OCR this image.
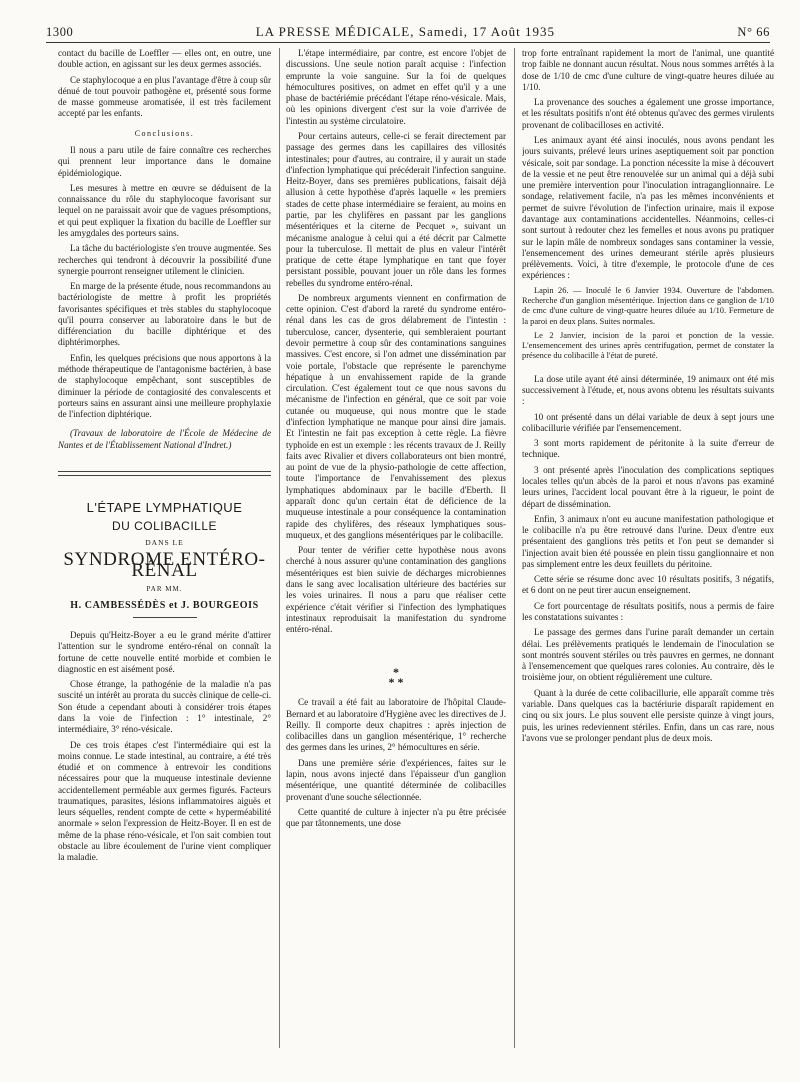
1300	LA PRESSE MÉDICALE, Samedi, 17 Août 1935	N° 66

contact du bacille de Loeffler — elles ont, en outre, une double action, en agissant sur les deux germes associés.

Ce staphylocoque a en plus l'avantage d'être à coup sûr dénué de tout pouvoir pathogène et, présenté sous forme de masse gommeuse aromatisée, il est très facilement accepté par les enfants.

Conclusions.

Il nous a paru utile de faire connaître ces recherches qui prennent leur importance dans le domaine épidémiologique.

Les mesures à mettre en œuvre se déduisent de la connaissance du rôle du staphylocoque favorisant sur lequel on ne paraissait avoir que de vagues présomptions, et qui peut expliquer la fixation du bacille de Loeffler sur les amygdales des porteurs sains.

La tâche du bactériologiste s'en trouve augmentée. Ses recherches qui tendront à découvrir la possibilité d'une synergie pourront renseigner utilement le clinicien.

En marge de la présente étude, nous recommandons au bactériologiste de mettre à profit les propriétés favorisantes spécifiques et très stables du staphylocoque qu'il pourra conserver au laboratoire dans le but de différenciation du bacille diphtérique et des diphtérimorphes.

Enfin, les quelques précisions que nous apportons à la méthode thérapeutique de l'antagonisme bactérien, à base de staphylocoque empêchant, sont susceptibles de diminuer la période de contagiosité des convalescents et porteurs sains en assurant ainsi une meilleure prophylaxie de l'infection diphtérique.

(Travaux de laboratoire de l'École de Médecine de Nantes et de l'Établissement National d'Indret.)

L'ÉTAPE LYMPHATIQUE

DU COLIBACILLE

DANS LE

SYNDROME ENTÉRO-RÉNAL

PAR MM.

H. CAMBESSÉDÈS et J. BOURGEOIS

Depuis qu'Heitz-Boyer a eu le grand mérite d'attirer l'attention sur le syndrome entéro-rénal on connaît la fortune de cette nouvelle entité morbide et combien le diagnostic en est aisément posé.

Chose étrange, la pathogénie de la maladie n'a pas suscité un intérêt au prorata du succès clinique de celle-ci. Son étude a cependant abouti à considérer trois étapes dans la voie de l'infection : 1° intestinale, 2° intermédiaire, 3° réno-vésicale.

De ces trois étapes c'est l'intermédiaire qui est la moins connue. Le stade intestinal, au contraire, a été très étudié et on commence à entrevoir les conditions nécessaires pour que la muqueuse intestinale devienne accidentellement perméable aux germes figurés. Facteurs traumatiques, parasites, lésions inflammatoires aiguës et leurs séquelles, rendent compte de cette « hyperméabilité anormale » selon l'expression de Heitz-Boyer. Il en est de même de la phase réno-vésicale, et l'on sait combien tout obstacle au libre écoulement de l'urine vient compliquer la maladie.

L'étape intermédiaire, par contre, est encore l'objet de discussions. Une seule notion paraît acquise : l'infection emprunte la voie sanguine. Sur la foi de quelques hémocultures positives, on admet en effet qu'il y a une phase de bactériémie précédant l'étape réno-vésicale. Mais, où les opinions divergent c'est sur la voie d'arrivée de l'intestin au système circulatoire.

Pour certains auteurs, celle-ci se ferait directement par passage des germes dans les capillaires des villosités intestinales; pour d'autres, au contraire, il y aurait un stade d'infection lymphatique qui précéderait l'infection sanguine. Heitz-Boyer, dans ses premières publications, faisait déjà allusion à cette hypothèse d'après laquelle « les premiers stades de cette phase intermédiaire se feraient, au moins en partie, par les chylifères en passant par les ganglions mésentériques et la citerne de Pecquet », suivant un mécanisme analogue à celui qui a été décrit par Calmette pour la tuberculose. Il mettait de plus en valeur l'intérêt pratique de cette étape lymphatique en tant que foyer persistant possible, pouvant jouer un rôle dans les formes rebelles du syndrome entéro-rénal.

De nombreux arguments viennent en confirmation de cette opinion. C'est d'abord la rareté du syndrome entéro-rénal dans les cas de gros délabrement de l'intestin : tuberculose, cancer, dysenterie, qui sembleraient pourtant devoir permettre à coup sûr des contaminations sanguines massives. C'est encore, si l'on admet une dissémination par voie portale, l'obstacle que représente le parenchyme hépatique à un envahissement rapide de la grande circulation. C'est également tout ce que nous savons du mécanisme de l'infection en général, que ce soit par voie cutanée ou muqueuse, qui nous montre que le stade d'infection lymphatique ne manque pour ainsi dire jamais. Et l'intestin ne fait pas exception à cette règle. La fièvre typhoïde en est un exemple : les récents travaux de J. Reilly faits avec Rivalier et divers collaborateurs ont bien montré, au point de vue de la physio-pathologie de cette affection, toute l'importance de l'envahissement des plexus lymphatiques abdominaux par le bacille d'Eberth. Il apparaît donc qu'un certain état de déficience de la muqueuse intestinale a pour conséquence la contamination rapide des chylifères, des réseaux lymphatiques sous-muqueux, et des ganglions mésentériques par le colibacille.

Pour tenter de vérifier cette hypothèse nous avons cherché à nous assurer qu'une contamination des ganglions mésentériques est bien suivie de décharges microbiennes dans le sang avec localisation ultérieure des bactéries sur les voies urinaires. Il nous a paru que réaliser cette expérience c'était vérifier si l'infection des lymphatiques intestinaux reproduisait la manifestation du syndrome entéro-rénal.

*
* *

Ce travail a été fait au laboratoire de l'hôpital Claude-Bernard et au laboratoire d'Hygiène avec les directives de J. Reilly. Il comporte deux chapitres : après injection de colibacilles dans un ganglion mésentérique, 1° recherche des germes dans les urines, 2° hémocultures en série.

Dans une première série d'expériences, faites sur le lapin, nous avons injecté dans l'épaisseur d'un ganglion mésentérique, une quantité déterminée de colibacilles provenant d'une souche sélectionnée.

Cette quantité de culture à injecter n'a pu être précisée que par tâtonnements, une dose

trop forte entraînant rapidement la mort de l'animal, une quantité trop faible ne donnant aucun résultat. Nous nous sommes arrêtés à la dose de 1/10 de cmc d'une culture de vingt-quatre heures diluée au 1/10.

La provenance des souches a également une grosse importance, et les résultats positifs n'ont été obtenus qu'avec des germes virulents provenant de colibacilloses en activité.

Les animaux ayant été ainsi inoculés, nous avons pendant les jours suivants, prélevé leurs urines aseptiquement soit par ponction vésicale, soit par sondage. La ponction nécessite la mise à découvert de la vessie et ne peut être renouvelée sur un animal qui a déjà subi une première intervention pour l'inoculation intraganglionnaire. Le sondage, relativement facile, n'a pas les mêmes inconvénients et permet de suivre l'évolution de l'infection urinaire, mais il expose davantage aux contaminations accidentelles. Néanmoins, celles-ci sont surtout à redouter chez les femelles et nous avons pu pratiquer sur le lapin mâle de nombreux sondages sans contaminer la vessie, l'ensemencement des urines demeurant stérile après plusieurs prélèvements. Voici, à titre d'exemple, le protocole d'une de ces expériences :

Lapin 26. — Inoculé le 6 Janvier 1934. Ouverture de l'abdomen. Recherche d'un ganglion mésentérique. Injection dans ce ganglion de 1/10 de cmc d'une culture de vingt-quatre heures diluée au 1/10. Fermeture de la paroi en deux plans. Suites normales.

Le 2 Janvier, incision de la paroi et ponction de la vessie. L'ensemencement des urines après centrifugation, permet de constater la présence du colibacille à l'état de pureté.

La dose utile ayant été ainsi déterminée, 19 animaux ont été mis successivement à l'étude, et, nous avons obtenu les résultats suivants :

10 ont présenté dans un délai variable de deux à sept jours une colibacillurie vérifiée par l'ensemencement.

3 sont morts rapidement de péritonite à la suite d'erreur de technique.

3 ont présenté après l'inoculation des complications septiques locales telles qu'un abcès de la paroi et nous n'avons pas examiné leurs urines, l'accident local pouvant être à la rigueur, le point de départ de dissémination.

Enfin, 3 animaux n'ont eu aucune manifestation pathologique et le colibacille n'a pu être retrouvé dans l'urine. Deux d'entre eux présentaient des ganglions très petits et l'on peut se demander si l'injection avait bien été poussée en plein tissu ganglionnaire et non pas simplement entre les deux feuillets du péritoine.

Cette série se résume donc avec 10 résultats positifs, 3 négatifs, et 6 dont on ne peut tirer aucun enseignement.

Ce fort pourcentage de résultats positifs, nous a permis de faire les constatations suivantes :

Le passage des germes dans l'urine paraît demander un certain délai. Les prélèvements pratiqués le lendemain de l'inoculation se sont montrés souvent stériles ou très pauvres en germes, ne donnant à l'ensemencement que quelques rares colonies. Au contraire, dès le troisième jour, on obtient régulièrement une culture.

Quant à la durée de cette colibacillurie, elle apparaît comme très variable. Dans quelques cas la bactériurie disparaît rapidement en cinq ou six jours. Le plus souvent elle persiste quinze à vingt jours, puis, les urines redeviennent stériles. Enfin, dans un cas rare, nous l'avons vue se prolonger pendant plus de deux mois.
